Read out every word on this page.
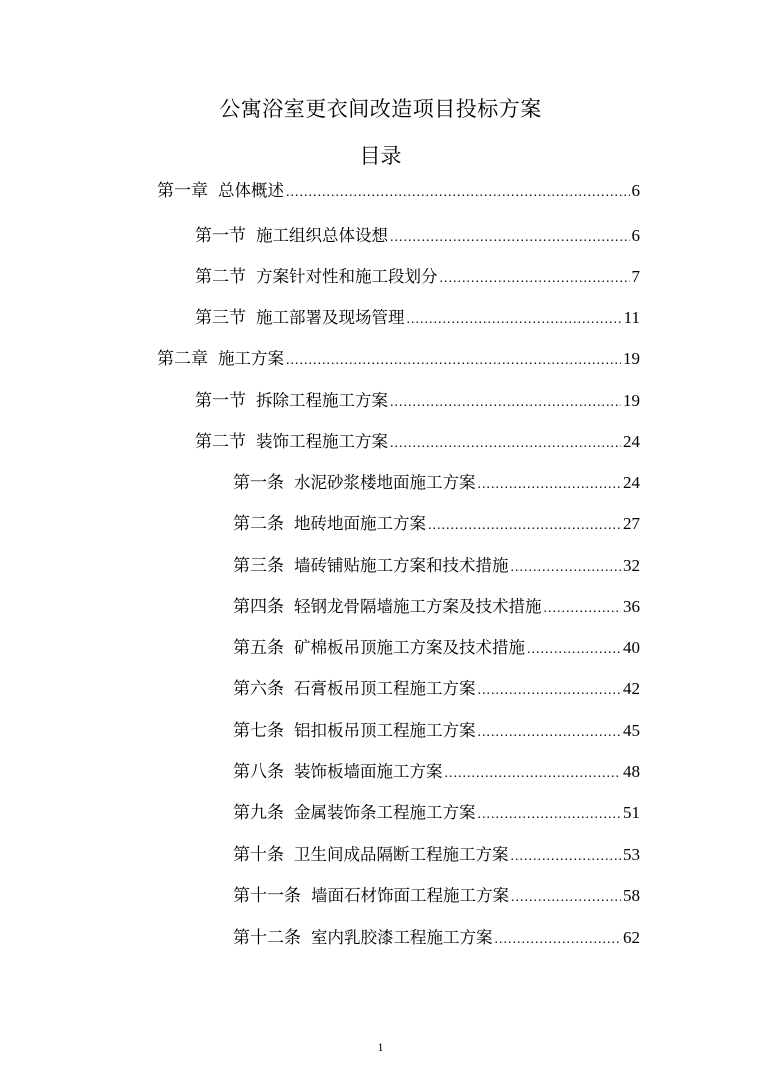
公寓浴室更衣间改造项目投标方案
目录
第一章 总体概述 .....	6
第一节 施工组织总体设想 .....	6
第二节 方案针对性和施工段划分 .....	7
第三节 施工部署及现场管理 .....	11
第二章 施工方案 .....	19
第一节 拆除工程施工方案 .....	19
第二节 装饰工程施工方案 .....	24
第一条 水泥砂浆楼地面施工方案 .....	24
第二条 地砖地面施工方案 .....	27
第三条 墙砖铺贴施工方案和技术措施 .....	32
第四条 轻钢龙骨隔墙施工方案及技术措施 .....	36
第五条 矿棉板吊顶施工方案及技术措施 .....	40
第六条 石膏板吊顶工程施工方案 .....	42
第七条 铝扣板吊顶工程施工方案 .....	45
第八条 装饰板墙面施工方案 .....	48
第九条 金属装饰条工程施工方案 .....	51
第十条 卫生间成品隔断工程施工方案 .....	53
第十一条 墙面石材饰面工程施工方案 .....	58
第十二条 室内乳胶漆工程施工方案 .....	62
1
